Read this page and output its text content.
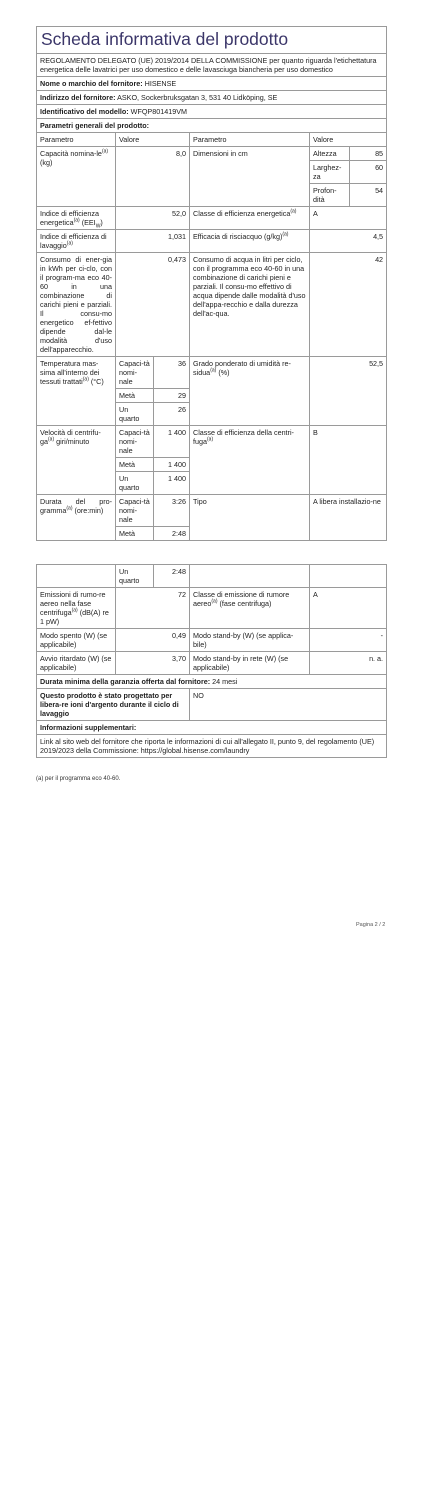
Scheda informativa del prodotto					
REGOLAMENTO DELEGATO (UE) 2019/2014 DELLA COMMISSIONE per quanto riguarda l'etichettatura energetica delle lavatrici per uso domestico e delle lavasciuga biancheria per uso domestico					
Nome o marchio del fornitore: HISENSE					
Indirizzo del fornitore: ASKO, Sockerbruksgatan 3, 531 40 Lidköping, SE					
Identificativo del modello: WFQP801419VM					
Parametri generali del prodotto:					
Parametro	Valore		Parametro	Valore	
Capacità nomina-$le^{(a)}$ (kg)	8,0		Dimensioni in cm	Altezza	85
				Larghez-za	60
				Profon-dità	54
Indice di efficienza energetica$^{(a)}$ $(EEI_W)$	52,0		Classe di efficienza energetica$^{(a)}$	A	
Indice di efficienza di lavaggio$^{(a)}$	1,031		Efficacia di risciacquo $(g/kg)^{(a)}$	4,5	
Consumo di ener-gia in kWh per ci-clo, con il program-ma eco 40-60 in una combinazione di carichi pieni e parziali. Il consu-mo energetico ef-fettivo dipende dal-le modalità d'uso dell'apparecchio.	0,473		Consumo di acqua in litri per ciclo, con il programma eco 40-60 in una combinazione di carichi pieni e parziali. Il consu-mo effettivo di acqua dipende dalle modalità d'uso dell'appa-recchio e dalla durezza dell'ac-qua.	42	
Temperatura mas-sima all'interno dei tessuti trattati$^{(a)}$ (°C)	Capaci-tà nomi-nale	36	Grado ponderato di umidità re-sidua$^{(a)}$ (%)	52,5	
	Metà	29			
	Un quarto	26			
Velocità di centrifu-$ga^{(a)}$ giri/minuto	Capaci-tà nomi-nale	1 400	Classe di efficienza della centri-fuga$^{(a)}$	B	
	Metà	1 400			
	Un quarto	1 400			
Durata del pro-gramma$^{(a)}$ (ore:min)	Capaci-tà nomi-nale	3:26	Tipo	A libera installazio-ne	
	Metà	2:48			

	Un quarto	2:48			
Emissioni di rumo-re aereo nella fase centrifuga$^{(a)}$ (dB(A) re 1 pW)	72		Classe di emissione di rumore aereo$^{(a)}$ (fase centrifuga)	A	
Modo spento (W) (se applicabile)	0,49		Modo stand-by (W) (se applica-bile)	-	
Avvio ritardato (W) (se applicabile)	3,70		Modo stand-by in rete (W) (se applicabile)	n. a.	
Durata minima della garanzia offerta dal fornitore: 24 mesi					
Questo prodotto è stato progettato per libera-re ioni d'argento durante il ciclo di lavaggio			NO		
Informazioni supplementari:					
Link al sito web del fornitore che riporta le informazioni di cui all'allegato II, punto 9, del regolamento (UE) 2019/2023 della Commissione: https://global.hisense.com/laundry					
(a) per il programma eco 40-60.
Pagina 2 / 2
